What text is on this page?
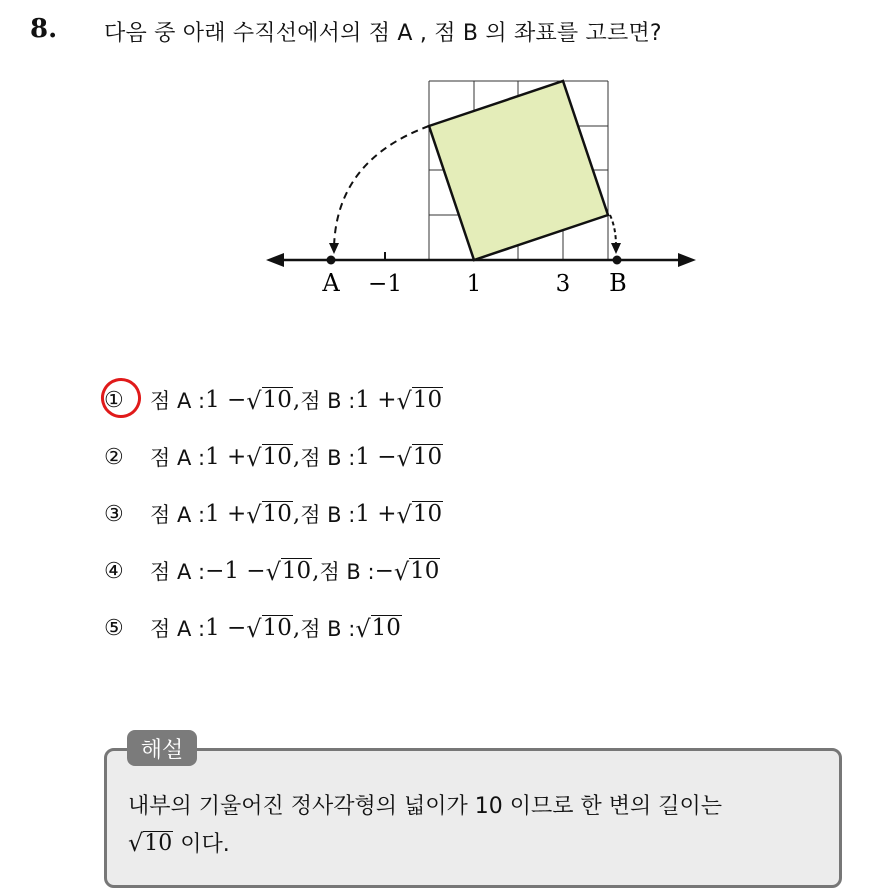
8. 다음 중 아래 수직선에서의 점 A , 점 B 의 좌표를 고르면?
A −1	1	3 B
①	점 A : 1 − √ 10 , 점 B : 1 + √ 10
②	점 A : 1 + √ 10 , 점 B : 1 − √ 10
③	점 A : 1 + √ 10 , 점 B : 1 + √ 10
④	점 A : −1 − √ 10 , 점 B : − √ 10
⑤	점 A : 1 − √ 10 , 점 B : √ 10
해설
내부의 기울어진 정사각형의 넓이가 10 이므로 한 변의 길이는
√ 10 이다.
